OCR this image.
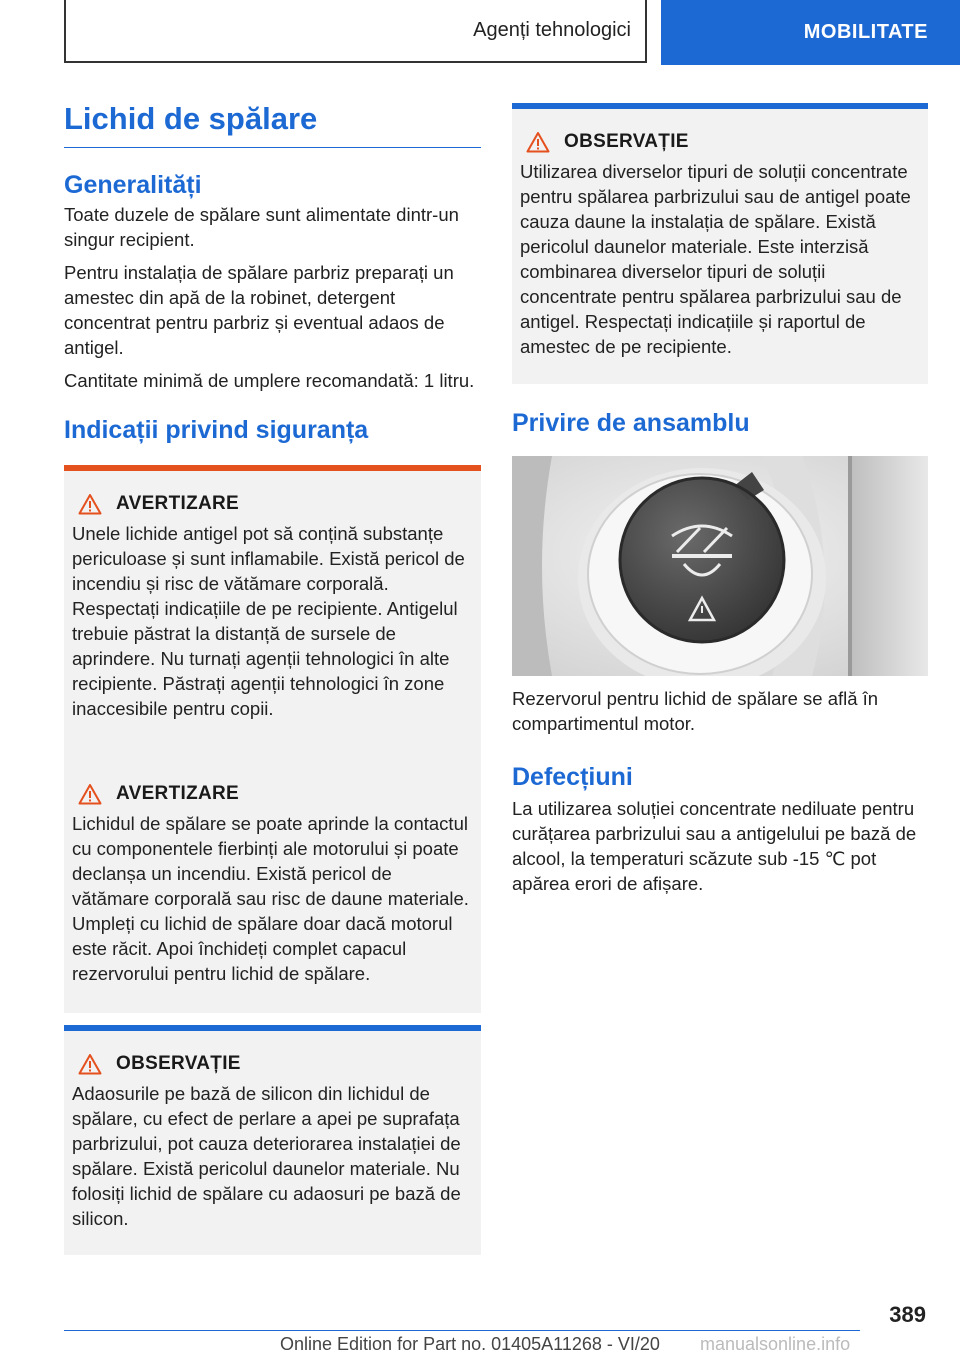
Agenți tehnologici	MOBILITATE
Lichid de spălare
Generalități

Toate duzele de spălare sunt alimentate dintr-un singur recipient.

Pentru instalația de spălare parbriz preparați un amestec din apă de la robinet, detergent concentrat pentru parbriz și eventual adaos de antigel.

Cantitate minimă de umplere recomandată: 1 litru.

Indicații privind siguranța
AVERTIZARE

Unele lichide antigel pot să conțină substanțe periculoase și sunt inflamabile. Există pericol de incendiu și risc de vătămare corporală. Respectați indicațiile de pe recipiente. Antigelul trebuie păstrat la distanță de sursele de aprindere. Nu turnați agenții tehnologici în alte recipiente. Păstrați agenții tehnologici în zone inaccesibile pentru copii.

AVERTIZARE

Lichidul de spălare se poate aprinde la contactul cu componentele fierbinți ale motorului și poate declanșa un incendiu. Există pericol de vătămare corporală sau risc de daune materiale. Umpleți cu lichid de spălare doar dacă motorul este răcit. Apoi închideți complet capacul rezervorului pentru lichid de spălare.

OBSERVAȚIE

Adaosurile pe bază de silicon din lichidul de spălare, cu efect de perlare a apei pe suprafața parbrizului, pot cauza deteriorarea instalației de spălare. Există pericolul daunelor materiale. Nu folosiți lichid de spălare cu adaosuri pe bază de silicon.

OBSERVAȚIE

Utilizarea diverselor tipuri de soluții concentrate pentru spălarea parbrizului sau de antigel poate cauza daune la instalația de spălare. Există pericolul daunelor materiale. Este interzisă combinarea diverselor tipuri de soluții concentrate pentru spălarea parbrizului sau de antigel. Respectați indicațiile și raportul de amestec de pe recipiente.

Privire de ansamblu

Rezervorul pentru lichid de spălare se află în compartimentul motor.

Defecțiuni

La utilizarea soluției concentrate nediluate pentru curățarea parbrizului sau a antigelului pe bază de alcool, la temperaturi scăzute sub -15 ℃ pot apărea erori de afișare.

389
Online Edition for Part no. 01405A11268 - VI/20 manualsonline.info
